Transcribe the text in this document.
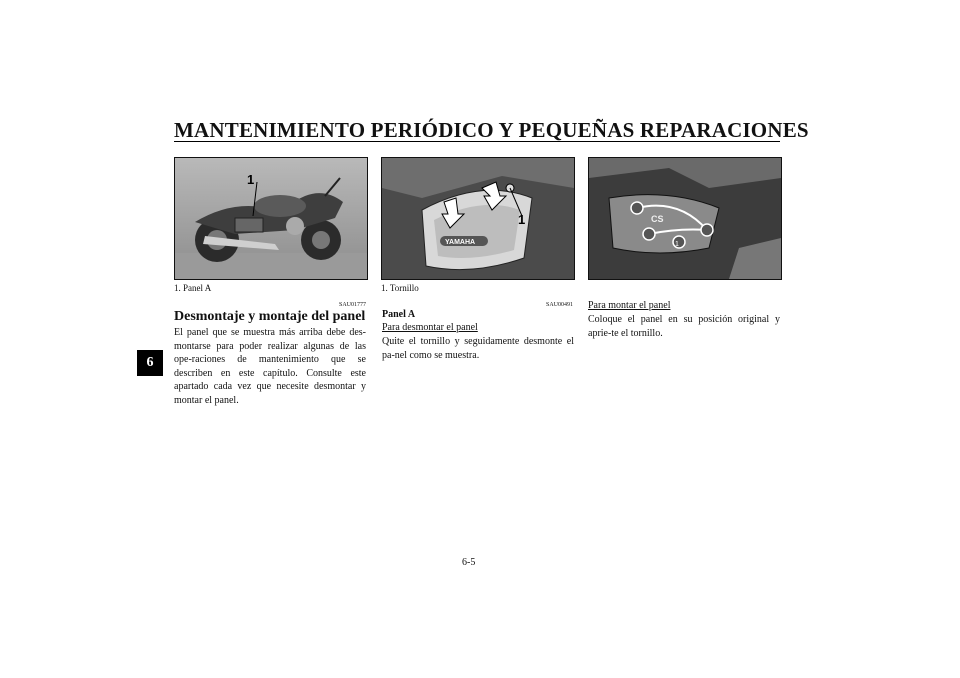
MANTENIMIENTO PERIÓDICO Y PEQUEÑAS REPARACIONES
6
1
YAMAHA
1	CS
1
1. Panel A	1. Tornillo
SAU01777
Desmontaje y montaje del panel
El panel que se muestra más arriba debe des-montarse para poder realizar algunas de las ope-raciones de mantenimiento que se describen en este capítulo. Consulte este apartado cada vez que necesite desmontar y montar el panel.
SAU00491
Panel A
Para desmontar el panel
Quite el tornillo y seguidamente desmonte el pa-nel como se muestra.
Para montar el panel
Coloque el panel en su posición original y aprie-te el tornillo.
6-5
